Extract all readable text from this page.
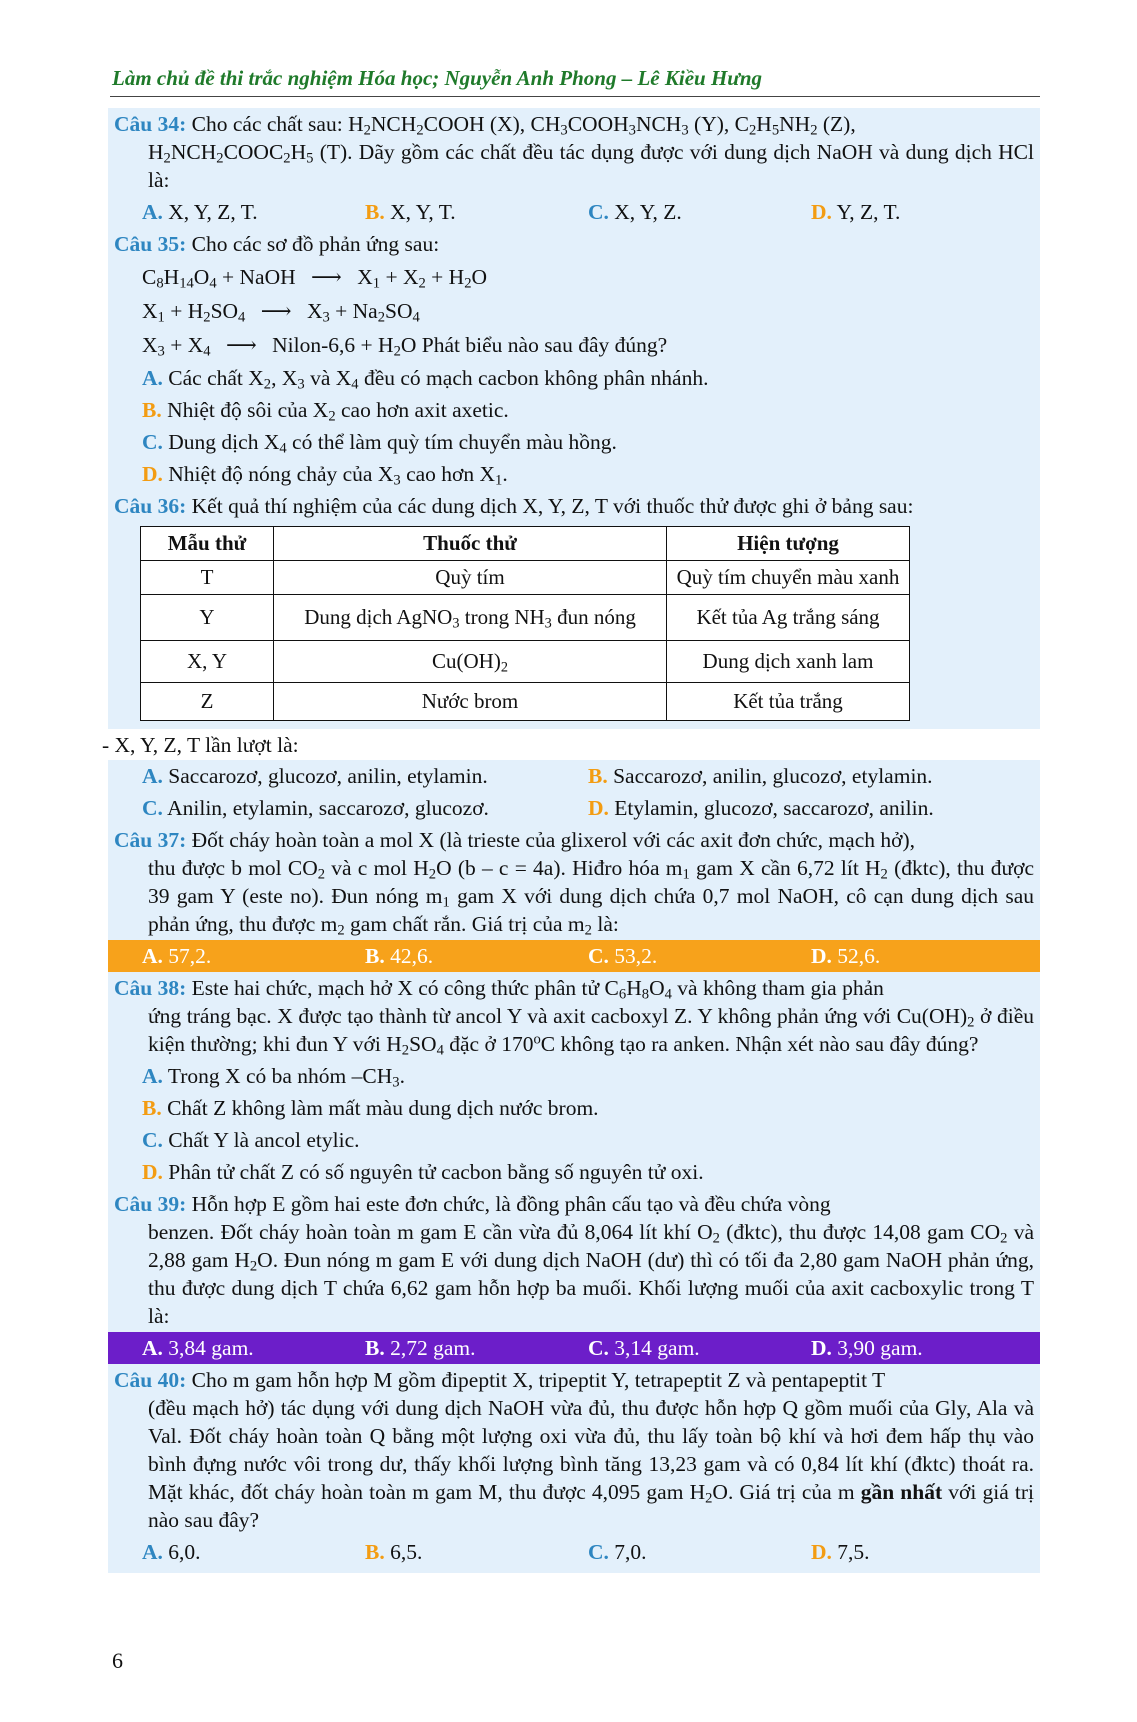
Làm chủ đề thi trắc nghiệm Hóa học; Nguyễn Anh Phong – Lê Kiều Hưng
Câu 34: Cho các chất sau: $H_2NCH_2COOH$ (X), $CH_3COOH_3NCH_3$ (Y), $C_2H_5NH_2$ (Z),
$H_2NCH_2COOC_2H_5$ (T). Dãy gồm các chất đều tác dụng được với dung dịch NaOH và dung dịch HCl là:
A. X, Y, Z, T.	B. X, Y, T.	C. X, Y, Z.	D. Y, Z, T.
Câu 35: Cho các sơ đồ phản ứng sau:
$C_8H_{14}O_4$ + NaOH ⟶ $X_1 + X_2 + H_2O$
$X_1 + H_2SO_4$ ⟶ $X_3 + Na_2SO_4$
$X_3 + X_4$ ⟶ Nilon-6,6 + $H_2O$ Phát biểu nào sau đây đúng?
A. Các chất $X_2$, $X_3$ và $X_4$ đều có mạch cacbon không phân nhánh.
B. Nhiệt độ sôi của $X_2$ cao hơn axit axetic.
C. Dung dịch $X_4$ có thể làm quỳ tím chuyển màu hồng.
D. Nhiệt độ nóng chảy của $X_3$ cao hơn $X_1$.
Câu 36: Kết quả thí nghiệm của các dung dịch X, Y, Z, T với thuốc thử được ghi ở bảng sau:
Mẫu thử	Thuốc thử	Hiện tượng
T	Quỳ tím	Quỳ tím chuyển màu xanh
Y	Dung dịch AgNO$_3$ trong $NH_3$ đun nóng	Kết tủa Ag trắng sáng
X, Y	$Cu(OH)_2$	Dung dịch xanh lam
Z	Nước brom	Kết tủa trắng
- X, Y, Z, T lần lượt là:
A. Saccarozơ, glucozơ, anilin, etylamin.	B. Saccarozơ, anilin, glucozơ, etylamin.
C. Anilin, etylamin, saccarozơ, glucozơ.	D. Etylamin, glucozơ, saccarozơ, anilin.
Câu 37: Đốt cháy hoàn toàn a mol X (là trieste của glixerol với các axit đơn chức, mạch hở),
thu được b mol $CO_2$ và c mol $H_2O$ (b – c = 4a). Hiđro hóa $m_1$ gam X cần 6,72 lít $H_2$ (đktc), thu được 39 gam Y (este no). Đun nóng $m_1$ gam X với dung dịch chứa 0,7 mol NaOH, cô cạn dung dịch sau phản ứng, thu được $m_2$ gam chất rắn. Giá trị của $m_2$ là:
A. 57,2.	B. 42,6.	C. 53,2.	D. 52,6.
Câu 38: Este hai chức, mạch hở X có công thức phân tử $C_6H_8O_4$ và không tham gia phản
ứng tráng bạc. X được tạo thành từ ancol Y và axit cacboxyl Z. Y không phản ứng với $Cu(OH)_2$ ở điều kiện thường; khi đun Y với $H_2SO_4$ đặc ở 170$^o$C không tạo ra anken. Nhận xét nào sau đây đúng?
A. Trong X có ba nhóm $-CH_3$.
B. Chất Z không làm mất màu dung dịch nước brom.
C. Chất Y là ancol etylic.
D. Phân tử chất Z có số nguyên tử cacbon bằng số nguyên tử oxi.
Câu 39: Hỗn hợp E gồm hai este đơn chức, là đồng phân cấu tạo và đều chứa vòng
benzen. Đốt cháy hoàn toàn m gam E cần vừa đủ 8,064 lít khí $O_2$ (đktc), thu được 14,08 gam $CO_2$ và 2,88 gam $H_2O$. Đun nóng m gam E với dung dịch NaOH (dư) thì có tối đa 2,80 gam NaOH phản ứng, thu được dung dịch T chứa 6,62 gam hỗn hợp ba muối. Khối lượng muối của axit cacboxylic trong T là:
A. 3,84 gam.	B. 2,72 gam.	C. 3,14 gam.	D. 3,90 gam.
Câu 40: Cho m gam hỗn hợp M gồm đipeptit X, tripeptit Y, tetrapeptit Z và pentapeptit T
(đều mạch hở) tác dụng với dung dịch NaOH vừa đủ, thu được hỗn hợp Q gồm muối của Gly, Ala và Val. Đốt cháy hoàn toàn Q bằng một lượng oxi vừa đủ, thu lấy toàn bộ khí và hơi đem hấp thụ vào bình đựng nước vôi trong dư, thấy khối lượng bình tăng 13,23 gam và có 0,84 lít khí (đktc) thoát ra. Mặt khác, đốt cháy hoàn toàn m gam M, thu được 4,095 gam $H_2O$. Giá trị của m gần nhất với giá trị nào sau đây?
A. 6,0.	B. 6,5.	C. 7,0.	D. 7,5.
6
